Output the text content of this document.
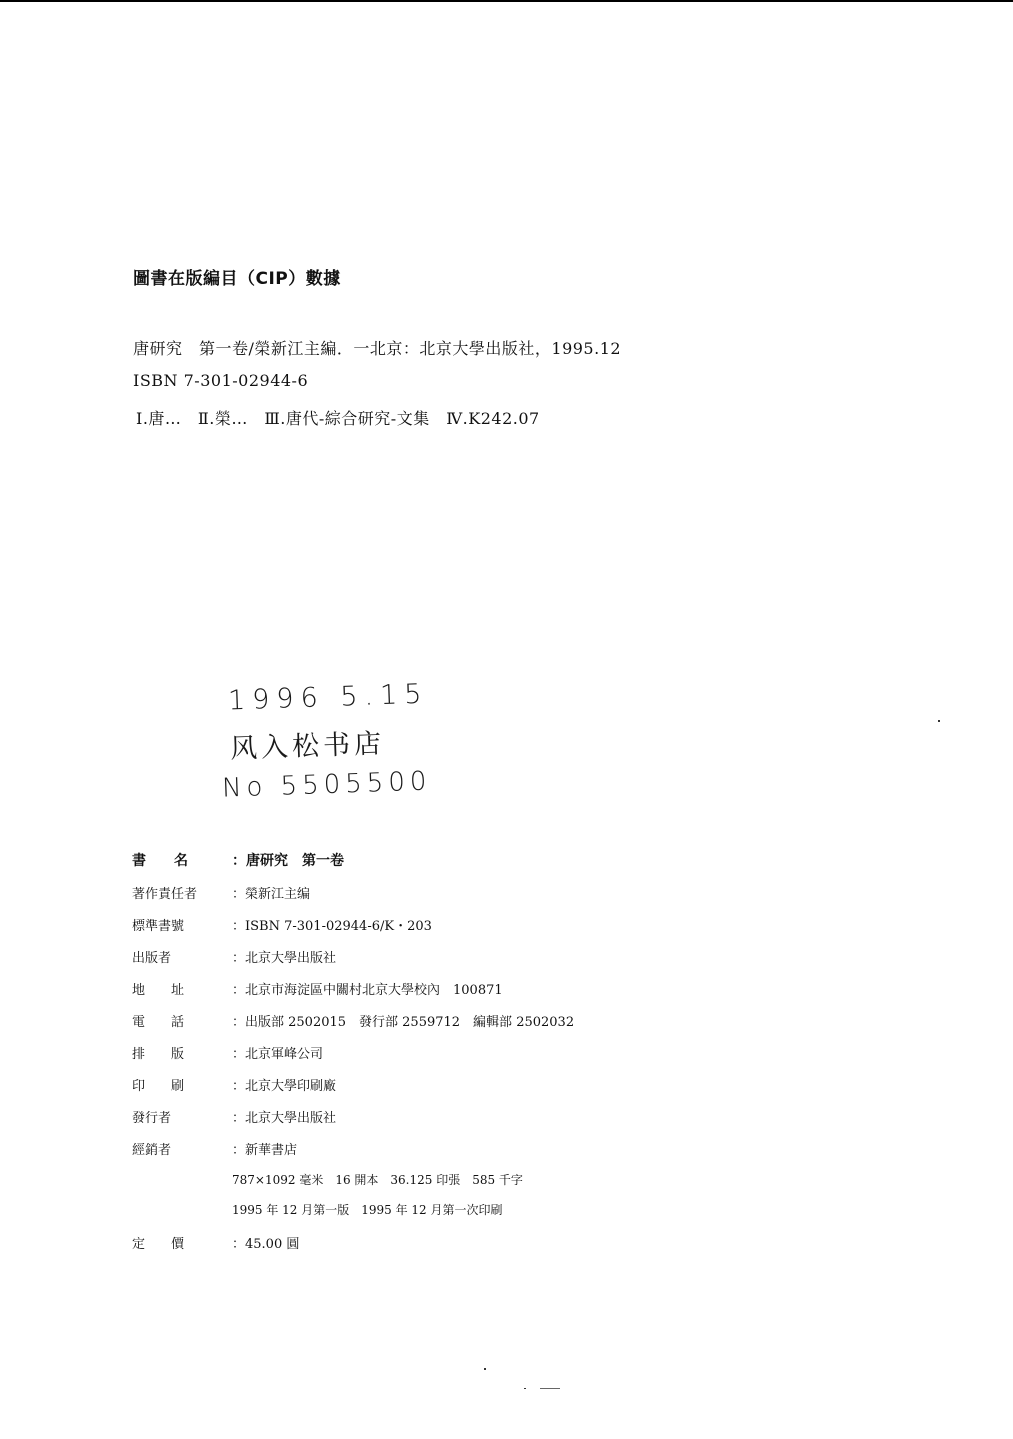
圖書在版編目（CIP）數據
唐研究　第一卷/榮新江主編．一北京：北京大學出版社，1995.12
ISBN 7-301-02944-6
Ⅰ.唐…　Ⅱ.榮…　Ⅲ.唐代-綜合研究-文集　Ⅳ.K242.07
1996 5.15
风入松书店
No 5505500
書　　名	：唐研究　第一卷
著作責任者	：榮新江主编
標準書號	：ISBN 7-301-02944-6/K・203
出版者	：北京大學出版社
地　　址	：北京市海淀區中關村北京大學校內　100871
電　　話	：出版部 2502015　發行部 2559712　編輯部 2502032
排　　版	：北京軍峰公司
印　　刷	：北京大學印刷廠
發行者	：北京大學出版社
經銷者	：新華書店
787×1092 毫米　16 開本　36.125 印張　585 千字
1995 年 12 月第一版　1995 年 12 月第一次印刷
定　　價	：45.00 圓
